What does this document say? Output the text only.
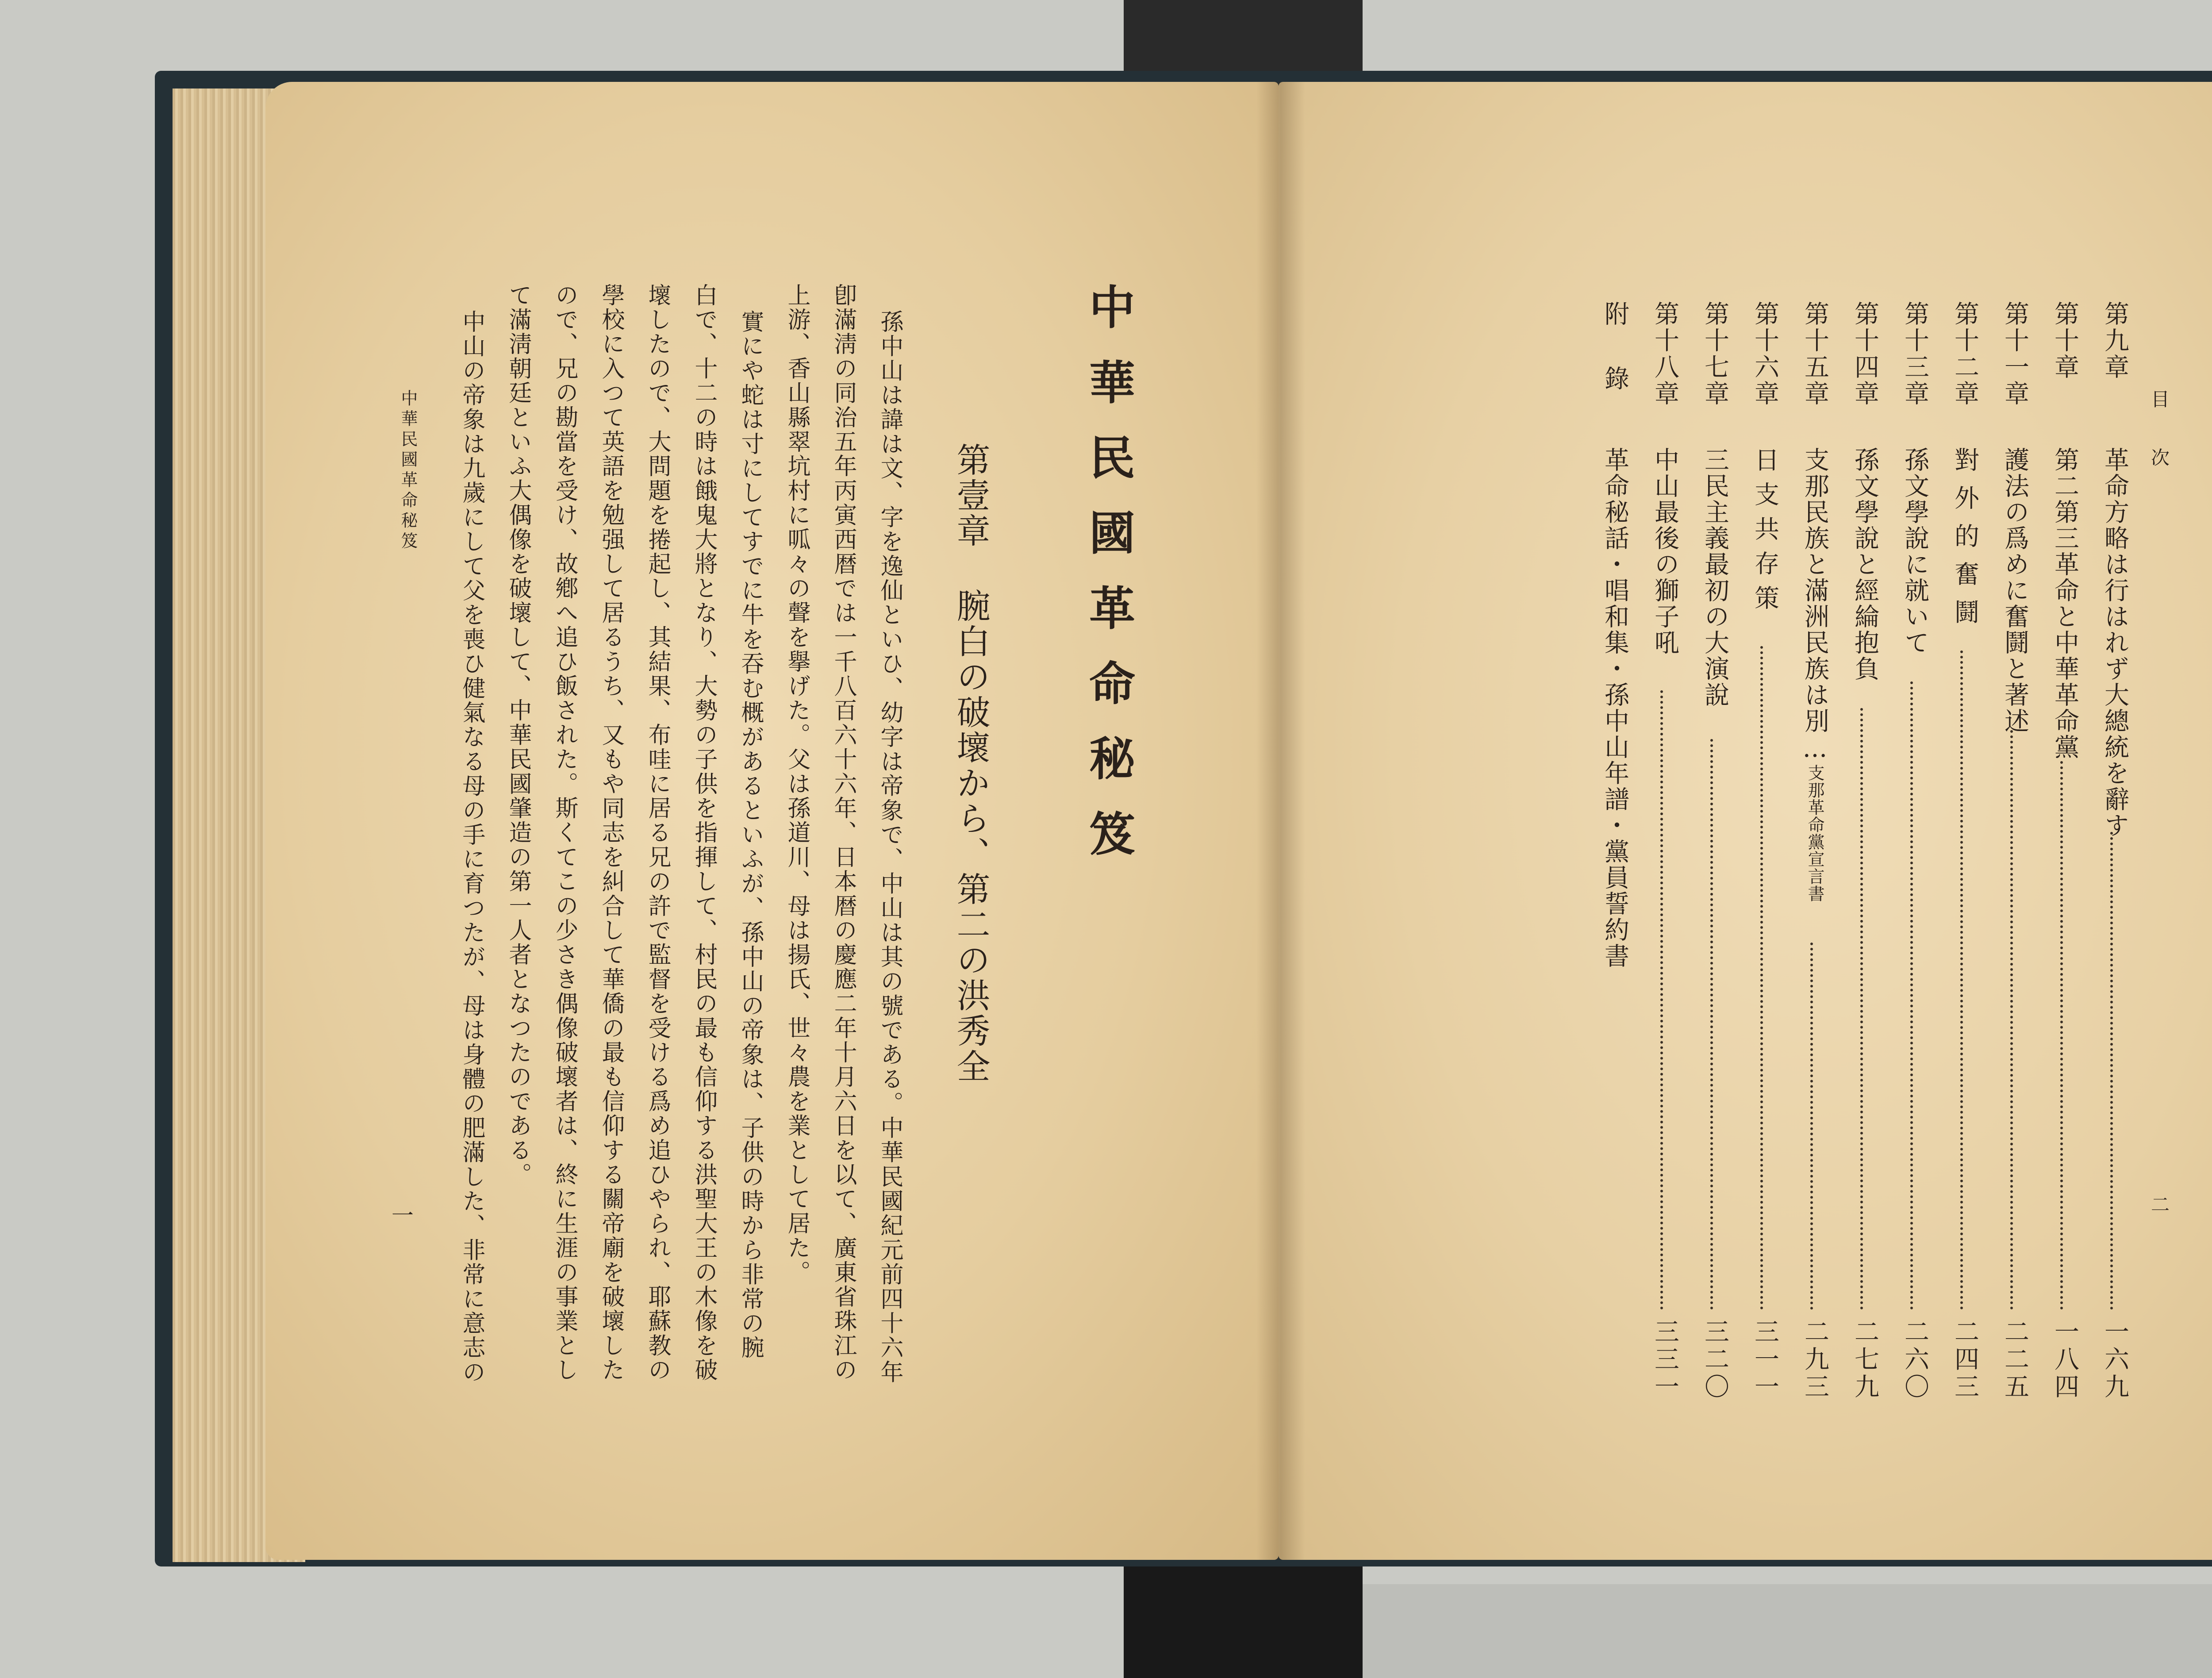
中華民國革命秘笈
第壹章腕白の破壞から、第二の洪秀全
孫中山は諱は文、字を逸仙といひ、幼字は帝象で、中山は其の號である。中華民國紀元前四十六年
卽滿淸の同治五年丙寅西暦では一千八百六十六年、日本暦の慶應二年十月六日を以て、廣東省珠江の
上游、香山縣翠坑村に呱々の聲を擧げた。父は孫道川、母は揚氏、世々農を業として居た。
實にや蛇は寸にしてすでに牛を吞む概があるといふが、孫中山の帝象は、子供の時から非常の腕
白で、十二の時は餓鬼大將となり、大勢の子供を指揮して、村民の最も信仰する洪聖大王の木像を破
壞したので、大問題を捲起し、其結果、布哇に居る兄の許で監督を受ける爲め追ひやられ、耶蘇教の
學校に入つて英語を勉强して居るうち、又もや同志を糾合して華僑の最も信仰する關帝廟を破壞した
ので、兄の勘當を受け、故鄕へ追ひ飯された。斯くてこの少さき偶像破壞者は、終に生涯の事業とし
て滿淸朝廷といふ大偶像を破壞して、中華民國肇造の第一人者となつたのである。
中山の帝象は九歲にして父を喪ひ健氣なる母の手に育つたが、母は身體の肥滿した、非常に意志の
中華民國革命秘笈
一
目次
二
第九章
革命方略は行はれず大總統を辭す
一六九
第十章
第二第三革命と中華革命黨
一八四
第十一章
護法の爲めに奮鬪と著述
二二五
第十二章
對外的奮鬪
二四三
第十三章
孫文學說に就いて
二六〇
第十四章
孫文學說と經綸抱負
二七九
第十五章
支那民族と滿洲民族は別…支那革命黨宣言書
二九三
第十六章
日支共存策
三一一
第十七章
三民主義最初の大演說
三二〇
第十八章
中山最後の獅子吼
三三一
附錄
革命秘話・唱和集・孫中山年譜・黨員誓約書
